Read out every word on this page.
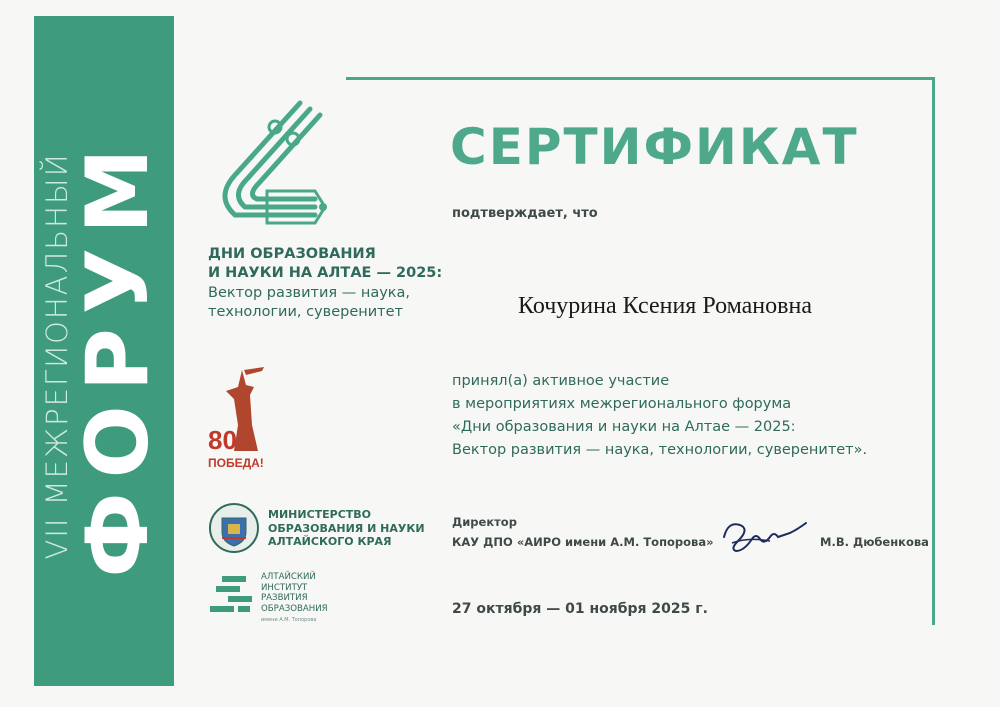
VII МЕЖРЕГИОНАЛЬНЫЙ
ФОРУМ	ДНИ ОБРАЗОВАНИЯ
И НАУКИ НА АЛТАЕ — 2025:
Вектор развития — наука,
технологии, суверенитет
80
ПОБЕДА!
МИНИСТЕРСТВО
ОБРАЗОВАНИЯ И НАУКИ
АЛТАЙСКОГО КРАЯ
АЛТАЙСКИЙ
ИНСТИТУТ
РАЗВИТИЯ
ОБРАЗОВАНИЯ
имени А.М. Топорова
СЕРТИФИКАТ
подтверждает, что
Кочурина Ксения Романовна
принял(а) активное участие
в мероприятиях межрегионального форума
«Дни образования и науки на Алтае — 2025:
Вектор развития — наука, технологии, суверенитет».
Директор
КАУ ДПО «АИРО имени А.М. Топорова»	М.В. Дюбенкова
27 октября — 01 ноября 2025 г.
